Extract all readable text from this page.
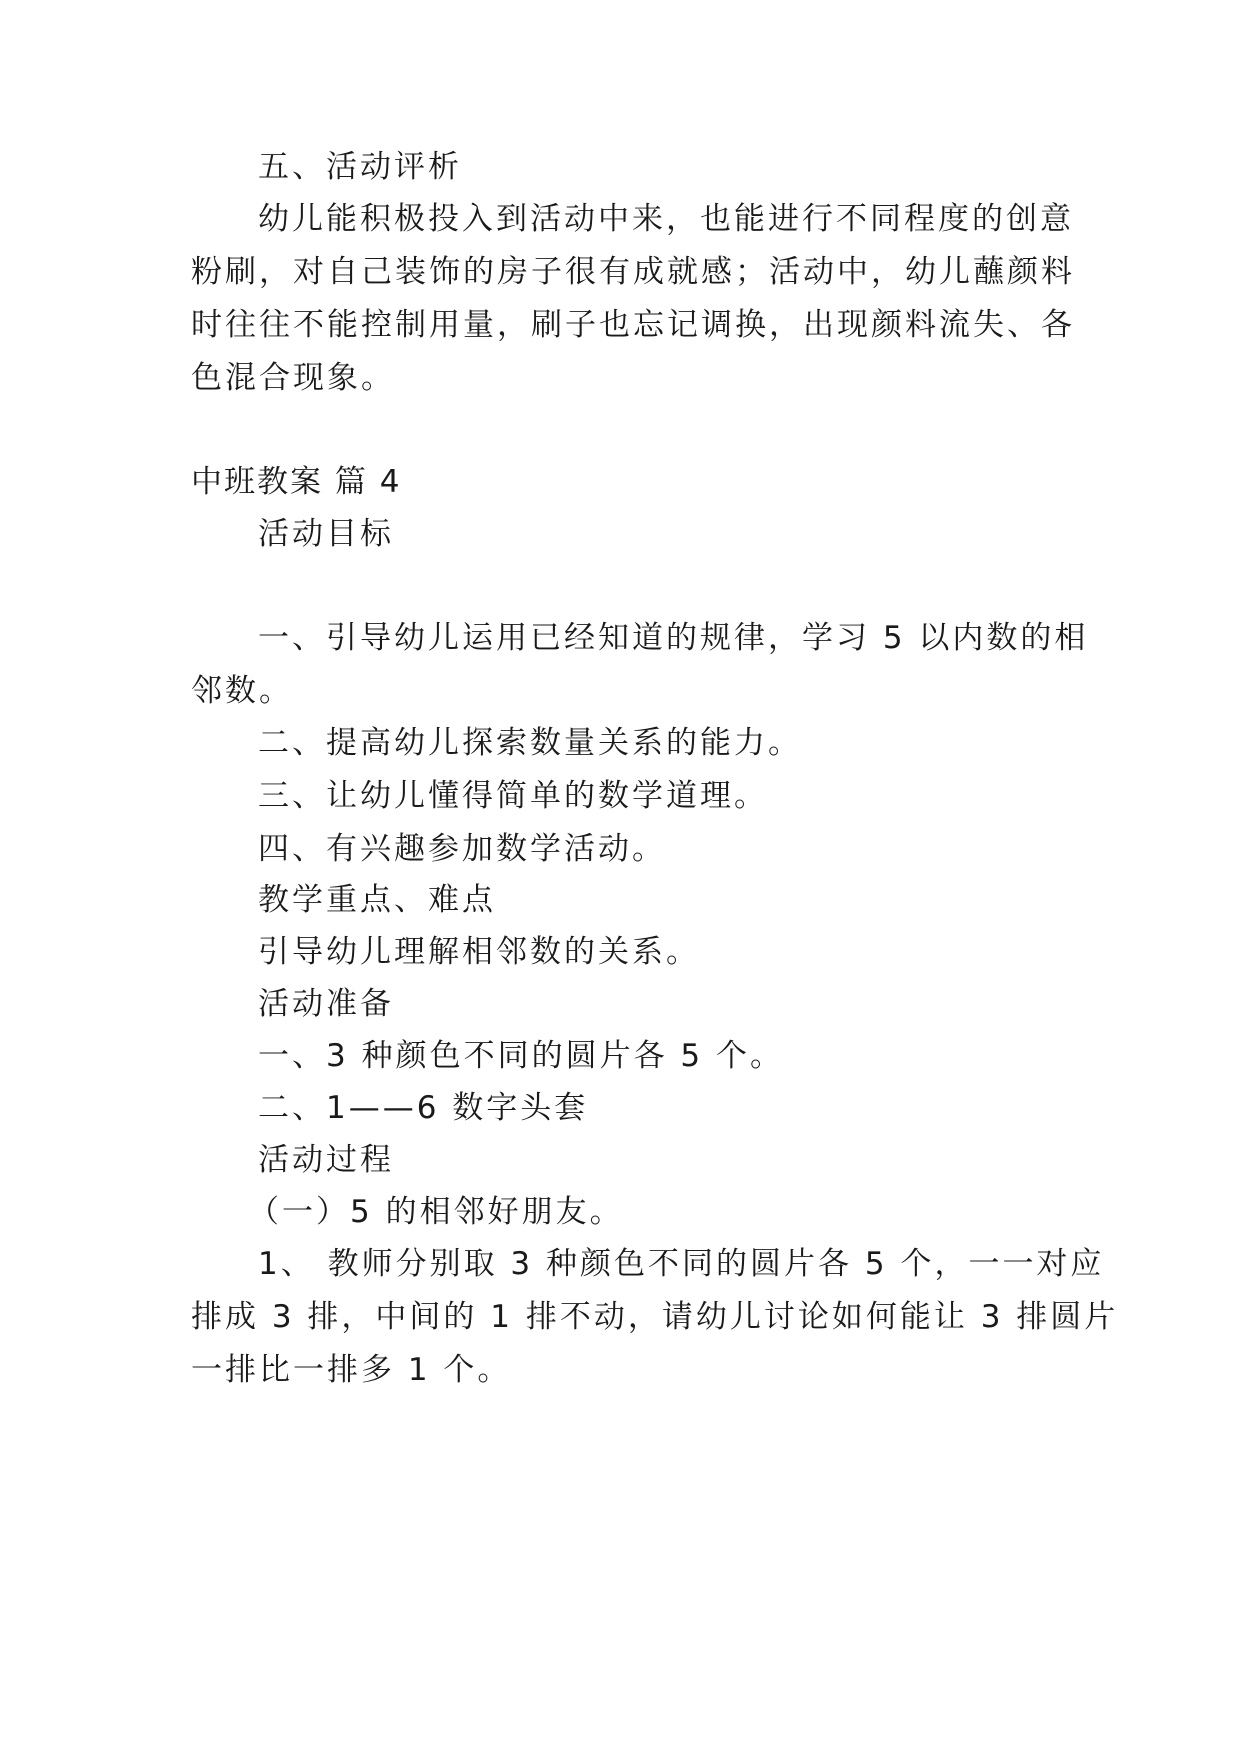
五、活动评析
幼儿能积极投入到活动中来，也能进行不同程度的创意
粉刷，对自己装饰的房子很有成就感；活动中，幼儿蘸颜料
时往往不能控制用量，刷子也忘记调换，出现颜料流失、各
色混合现象。
中班教案 篇 4
活动目标
一、引导幼儿运用已经知道的规律，学习 5 以内数的相
邻数。
二、提高幼儿探索数量关系的能力。
三、让幼儿懂得简单的数学道理。
四、有兴趣参加数学活动。
教学重点、难点
引导幼儿理解相邻数的关系。
活动准备
一、3 种颜色不同的圆片各 5 个。
二、1——6 数字头套
活动过程
（一）5 的相邻好朋友。
1、 教师分别取 3 种颜色不同的圆片各 5 个，一一对应
排成 3 排，中间的 1 排不动，请幼儿讨论如何能让 3 排圆片
一排比一排多 1 个。
